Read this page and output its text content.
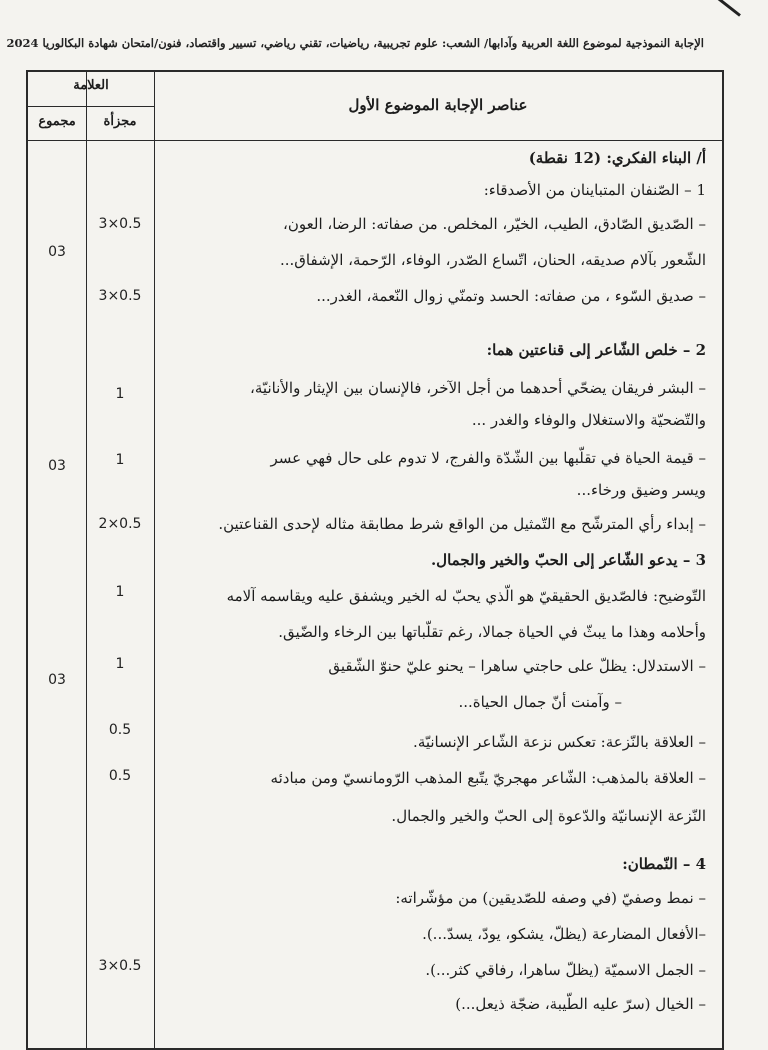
الإجابة النموذجية لموضوع اللغة العربية وآدابها/ الشعب: علوم تجريبية، رياضيات، تقني رياضي، تسيير واقتصاد، فنون/امتحان شهادة البكالوريا 2024
العلامة
مجموع	مجزأة
عناصر الإجابة الموضوع الأول
3×0.5
03
3×0.5
1
1
03
2×0.5
1
1
03
0.5
0.5
3×0.5
أ/ البناء الفكري: (12 نقطة)
1 – الصّنفان المتباينان من الأصدقاء:
– الصّديق الصّادق، الطيب، الخيّر، المخلص. من صفاته: الرضا، العون،
الشّعور بآلام صديقه، الحنان، اتّساع الصّدر، الوفاء، الرّحمة، الإشفاق...
– صديق السّوء ، من صفاته: الحسد وتمنّي زوال النّعمة، الغدر...
2 – خلص الشّاعر إلى قناعتين هما:
– البشر فريقان يضحّي أحدهما من أجل الآخر، فالإنسان بين الإيثار والأنانيّة،
والتّضحيّة والاستغلال والوفاء والغدر ...
– قيمة الحياة في تقلّبها بين الشّدّة والفرج، لا تدوم على حال فهي عسر
ويسر وضيق ورخاء...
– إبداء رأي المترشّح مع التّمثيل من الواقع شرط مطابقة مثاله لإحدى القناعتين.
3 – يدعو الشّاعر إلى الحبّ والخير والجمال.
التّوضيح: فالصّديق الحقيقيّ هو الّذي يحبّ له الخير ويشفق عليه ويقاسمه آلامه
وأحلامه وهذا ما يبثّ في الحياة جمالا، رغم تقلّباتها بين الرخاء والضّيق.
– الاستدلال: يظلّ على حاجتي ساهرا – يحنو عليّ حنوّ الشّقيق
– وآمنت أنّ جمال الحياة...
– العلاقة بالنّزعة: تعكس نزعة الشّاعر الإنسانيّة.
– العلاقة بالمذهب: الشّاعر مهجريّ يتّبع المذهب الرّومانسيّ ومن مبادئه
النّزعة الإنسانيّة والدّعوة إلى الحبّ والخير والجمال.
4 – النّمطان:
– نمط وصفيّ (في وصفه للصّديقين) من مؤشّراته:
–الأفعال المضارعة (يظلّ، يشكو، يودّ، يسدّ...).
– الجمل الاسميّة (يظلّ ساهرا، رفاقي كثر...).
– الخيال (سرّ عليه الطّيبة، ضجّة ذيعل...)
